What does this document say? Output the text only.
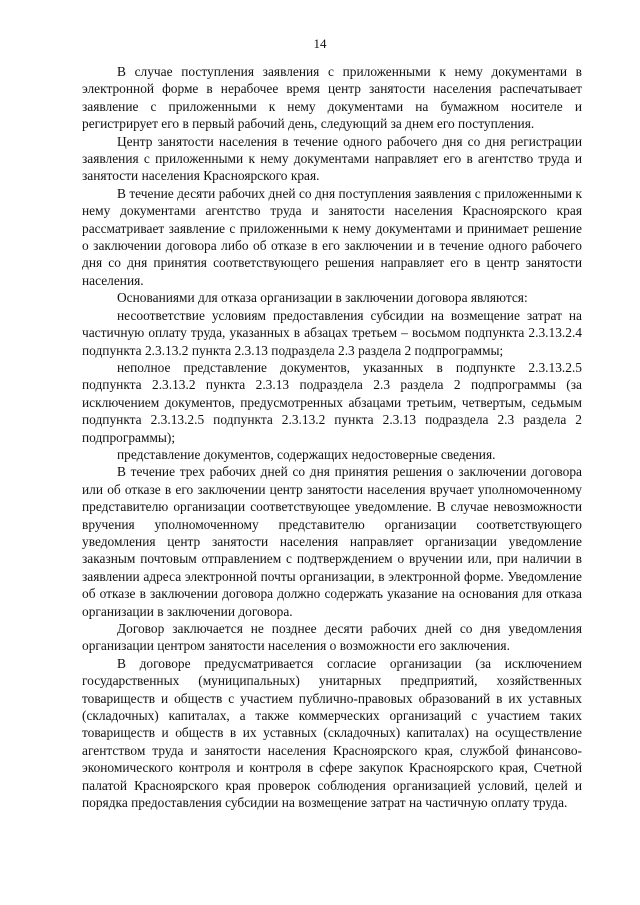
14

В случае поступления заявления с приложенными к нему документами в электронной форме в нерабочее время центр занятости населения распечатывает заявление с приложенными к нему документами на бумажном носителе и регистрирует его в первый рабочий день, следующий за днем его поступления.

Центр занятости населения в течение одного рабочего дня со дня регистрации заявления с приложенными к нему документами направляет его в агентство труда и занятости населения Красноярского края.

В течение десяти рабочих дней со дня поступления заявления с приложенными к нему документами агентство труда и занятости населения Красноярского края рассматривает заявление с приложенными к нему документами и принимает решение о заключении договора либо об отказе в его заключении и в течение одного рабочего дня со дня принятия соответствующего решения направляет его в центр занятости населения.

Основаниями для отказа организации в заключении договора являются:

несоответствие условиям предоставления субсидии на возмещение затрат на частичную оплату труда, указанных в абзацах третьем – восьмом подпункта 2.3.13.2.4 подпункта 2.3.13.2 пункта 2.3.13 подраздела 2.3 раздела 2 подпрограммы;

неполное представление документов, указанных в подпункте 2.3.13.2.5 подпункта 2.3.13.2 пункта 2.3.13 подраздела 2.3 раздела 2 подпрограммы (за исключением документов, предусмотренных абзацами третьим, четвертым, седьмым подпункта 2.3.13.2.5 подпункта 2.3.13.2 пункта 2.3.13 подраздела 2.3 раздела 2 подпрограммы);

представление документов, содержащих недостоверные сведения.

В течение трех рабочих дней со дня принятия решения о заключении договора или об отказе в его заключении центр занятости населения вручает уполномоченному представителю организации соответствующее уведомление. В случае невозможности вручения уполномоченному представителю организации соответствующего уведомления центр занятости населения направляет организации уведомление заказным почтовым отправлением с подтверждением о вручении или, при наличии в заявлении адреса электронной почты организации, в электронной форме. Уведомление об отказе в заключении договора должно содержать указание на основания для отказа организации в заключении договора.

Договор заключается не позднее десяти рабочих дней со дня уведомления организации центром занятости населения о возможности его заключения.

В договоре предусматривается согласие организации (за исключением государственных (муниципальных) унитарных предприятий, хозяйственных товариществ и обществ с участием публично-правовых образований в их уставных (складочных) капиталах, а также коммерческих организаций с участием таких товариществ и обществ в их уставных (складочных) капиталах) на осуществление агентством труда и занятости населения Красноярского края, службой финансово-экономического контроля и контроля в сфере закупок Красноярского края, Счетной палатой Красноярского края проверок соблюдения организацией условий, целей и порядка предоставления субсидии на возмещение затрат на частичную оплату труда.
